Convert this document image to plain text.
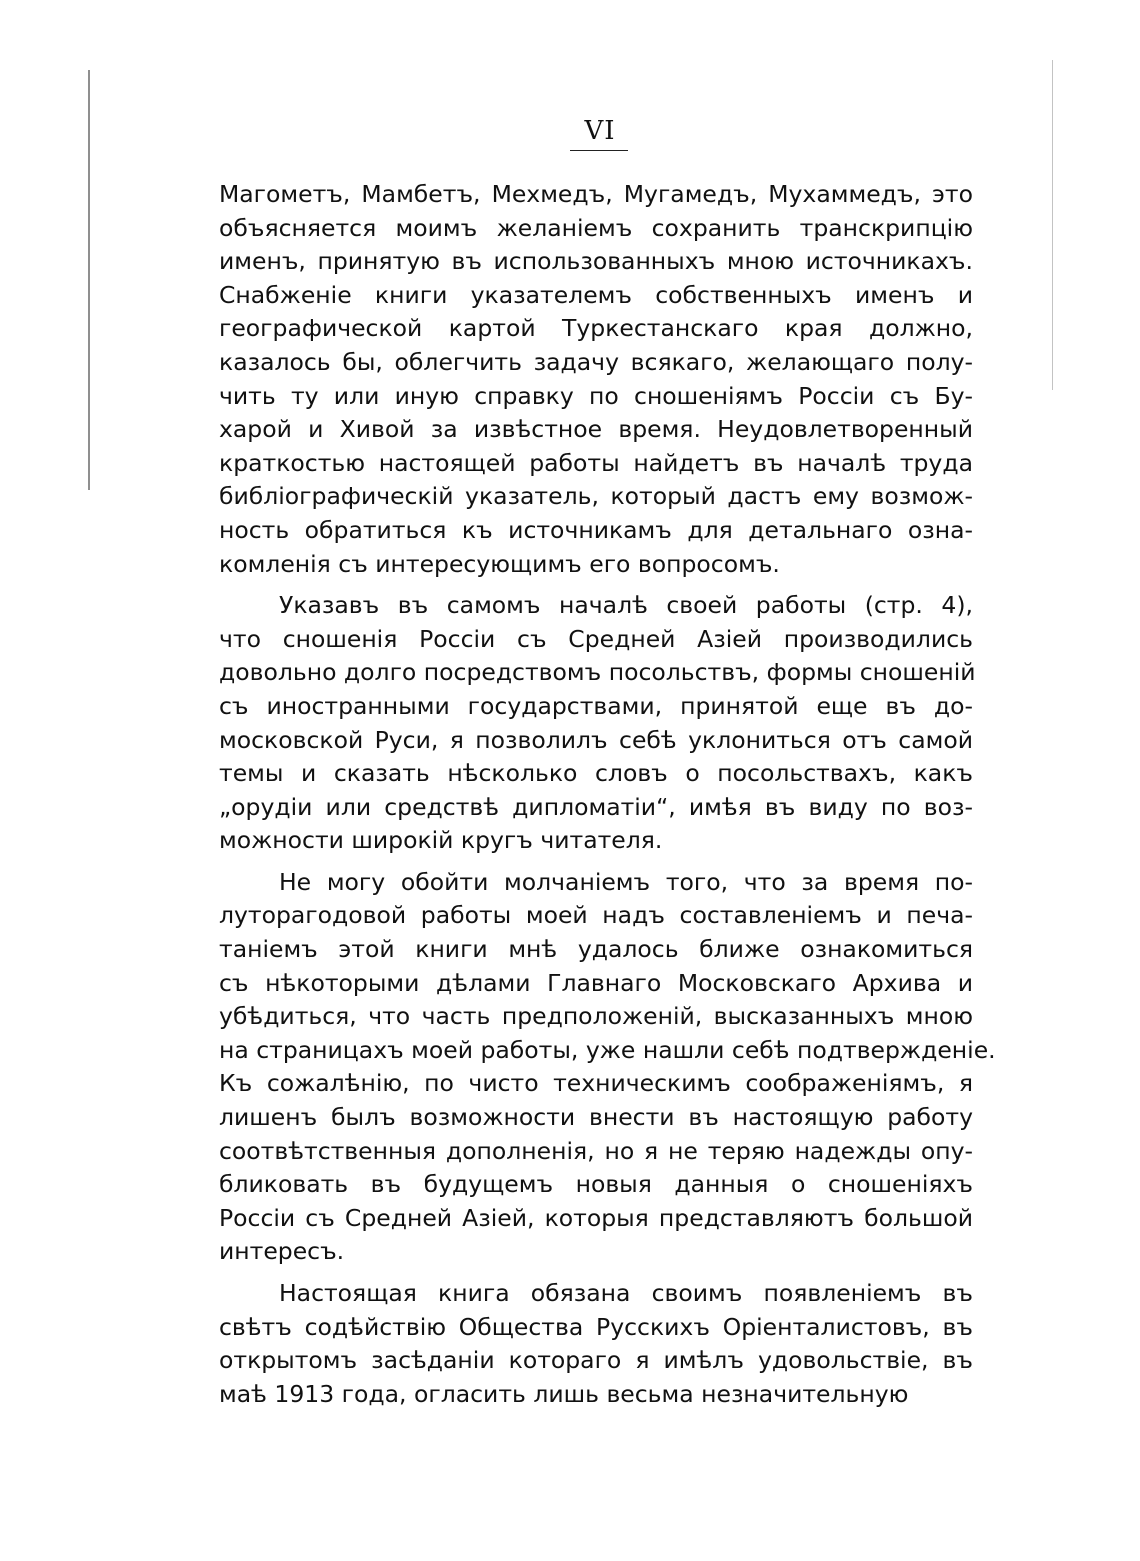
VI
Магометъ, Мамбетъ, Мехмедъ, Мугамедъ, Мухаммедъ, это
объясняется моимъ желанiемъ сохранить транскрипцiю
именъ, принятую въ использованныхъ мною источникахъ.
Снабженiе книги указателемъ собственныхъ именъ и
географической картой Туркестанскаго края должно,
казалось бы, облегчить задачу всякаго, желающаго полу-
чить ту или иную справку по сношенiямъ Россiи съ Бу-
харой и Хивой за извѣстное время. Неудовлетворенный
краткостью настоящей работы найдетъ въ началѣ труда
библiографическiй указатель, который дастъ ему возмож-
ность обратиться къ источникамъ для детальнаго озна-
комленiя съ интересующимъ его вопросомъ.
Указавъ въ самомъ началѣ своей работы (стр. 4),
что сношенiя Россiи съ Средней Азiей производились
довольно долго посредствомъ посольствъ, формы сношенiй
съ иностранными государствами, принятой еще въ до-
московской Руси, я позволилъ себѣ уклониться отъ самой
темы и сказать нѣсколько словъ о посольствахъ, какъ
„орудiи или средствѣ дипломатiи“, имѣя въ виду по воз-
можности широкiй кругъ читателя.
Не могу обойти молчанiемъ того, что за время по-
луторагодовой работы моей надъ составленiемъ и печа-
танiемъ этой книги мнѣ удалось ближе ознакомиться
съ нѣкоторыми дѣлами Главнаго Московскаго Архива и
убѣдиться, что часть предположенiй, высказанныхъ мною
на страницахъ моей работы, уже нашли себѣ подтвержденiе.
Къ сожалѣнiю, по чисто техническимъ соображенiямъ, я
лишенъ былъ возможности внести въ настоящую работу
соотвѣтственныя дополненiя, но я не теряю надежды опу-
бликовать въ будущемъ новыя данныя о сношенiяхъ
Россiи съ Средней Азiей, которыя представляютъ большой
интересъ.
Настоящая книга обязана своимъ появленiемъ въ
свѣтъ содѣйствiю Общества Русскихъ Орiенталистовъ, въ
открытомъ засѣданiи котораго я имѣлъ удовольствiе, въ
маѣ 1913 года, огласить лишь весьма незначительную
